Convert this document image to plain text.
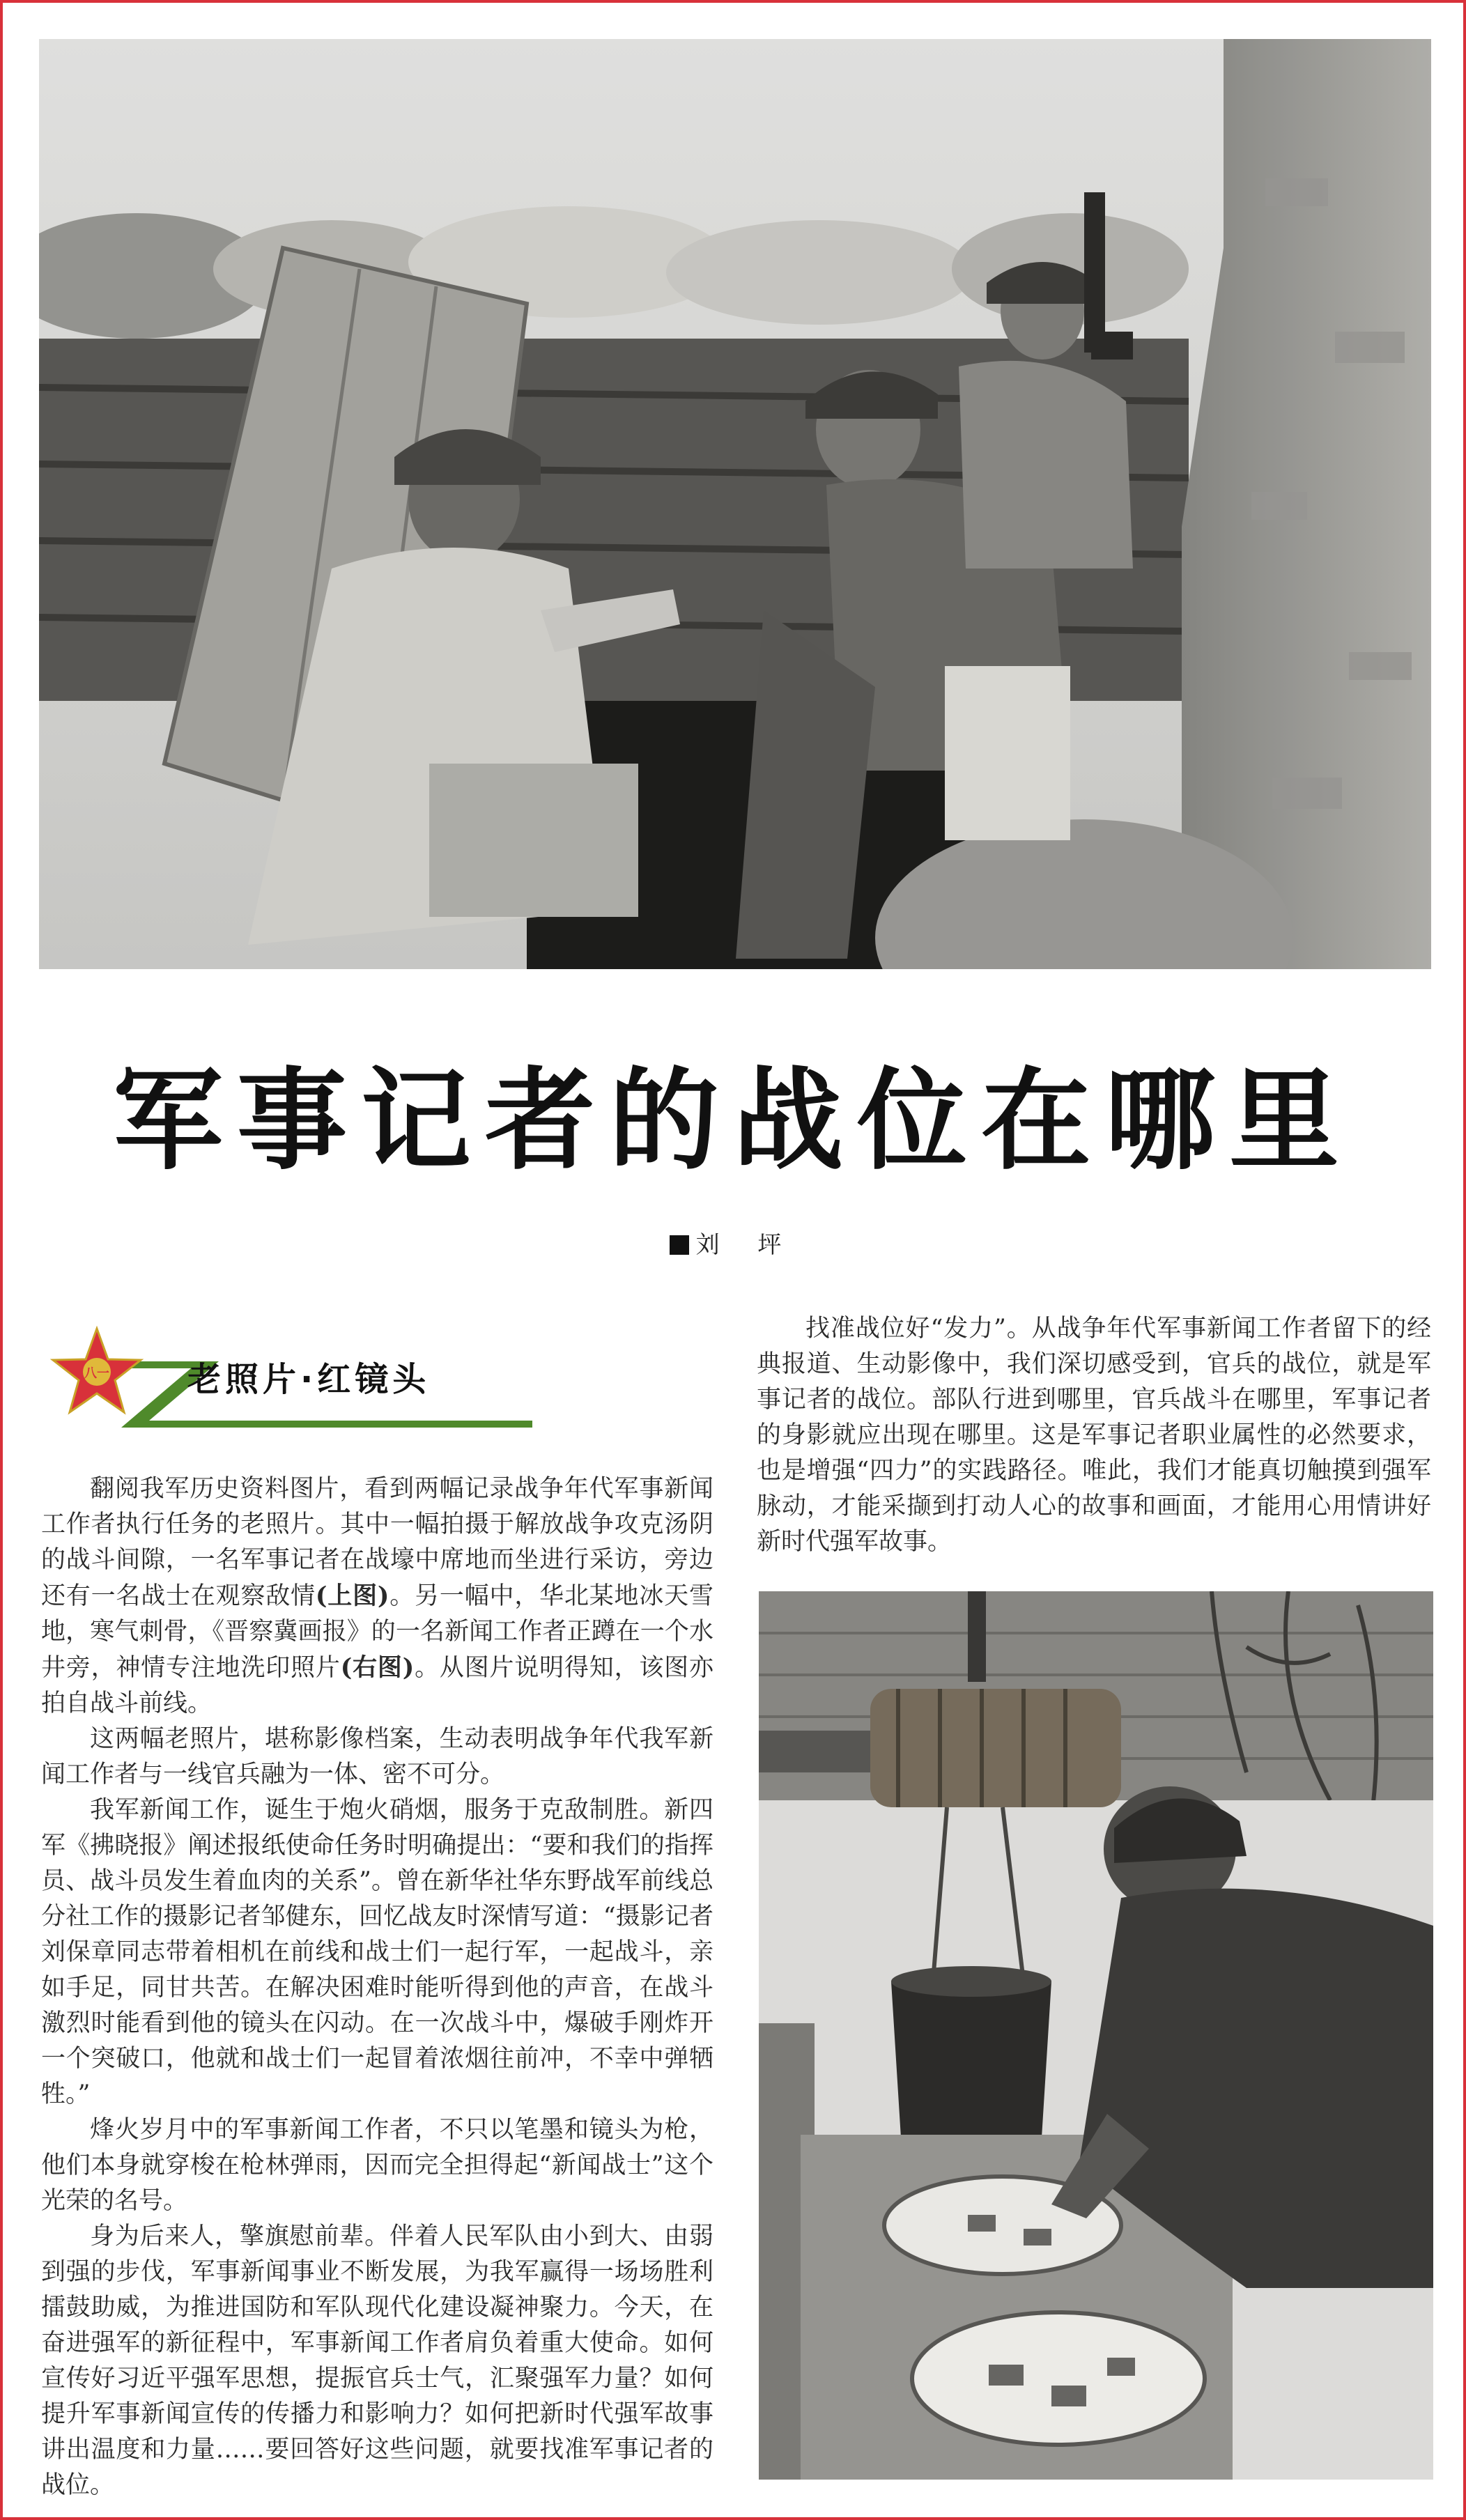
军事记者的战位在哪里
刘 坪
八一 老照片·红镜头

翻阅我军历史资料图片，看到两幅记录战争年代军事新闻工作者执行任务的老照片。其中一幅拍摄于解放战争攻克汤阴的战斗间隙，一名军事记者在战壕中席地而坐进行采访，旁边还有一名战士在观察敌情(上图)。另一幅中，华北某地冰天雪地，寒气刺骨，《晋察冀画报》的一名新闻工作者正蹲在一个水井旁，神情专注地洗印照片(右图)。从图片说明得知，该图亦拍自战斗前线。

这两幅老照片，堪称影像档案，生动表明战争年代我军新闻工作者与一线官兵融为一体、密不可分。

我军新闻工作，诞生于炮火硝烟，服务于克敌制胜。新四军《拂晓报》阐述报纸使命任务时明确提出：“要和我们的指挥员、战斗员发生着血肉的关系”。曾在新华社华东野战军前线总分社工作的摄影记者邹健东，回忆战友时深情写道：“摄影记者刘保章同志带着相机在前线和战士们一起行军，一起战斗，亲如手足，同甘共苦。在解决困难时能听得到他的声音，在战斗激烈时能看到他的镜头在闪动。在一次战斗中，爆破手刚炸开一个突破口，他就和战士们一起冒着浓烟往前冲，不幸中弹牺牲。”

烽火岁月中的军事新闻工作者，不只以笔墨和镜头为枪，他们本身就穿梭在枪林弹雨，因而完全担得起“新闻战士”这个光荣的名号。

身为后来人，擎旗慰前辈。伴着人民军队由小到大、由弱到强的步伐，军事新闻事业不断发展，为我军赢得一场场胜利擂鼓助威，为推进国防和军队现代化建设凝神聚力。今天，在奋进强军的新征程中，军事新闻工作者肩负着重大使命。如何宣传好习近平强军思想，提振官兵士气，汇聚强军力量？如何提升军事新闻宣传的传播力和影响力？如何把新时代强军故事讲出温度和力量……要回答好这些问题，就要找准军事记者的战位。

找准战位好“发力”。从战争年代军事新闻工作者留下的经典报道、生动影像中，我们深切感受到，官兵的战位，就是军事记者的战位。部队行进到哪里，官兵战斗在哪里，军事记者的身影就应出现在哪里。这是军事记者职业属性的必然要求，也是增强“四力”的实践路径。唯此，我们才能真切触摸到强军脉动，才能采撷到打动人心的故事和画面，才能用心用情讲好新时代强军故事。
